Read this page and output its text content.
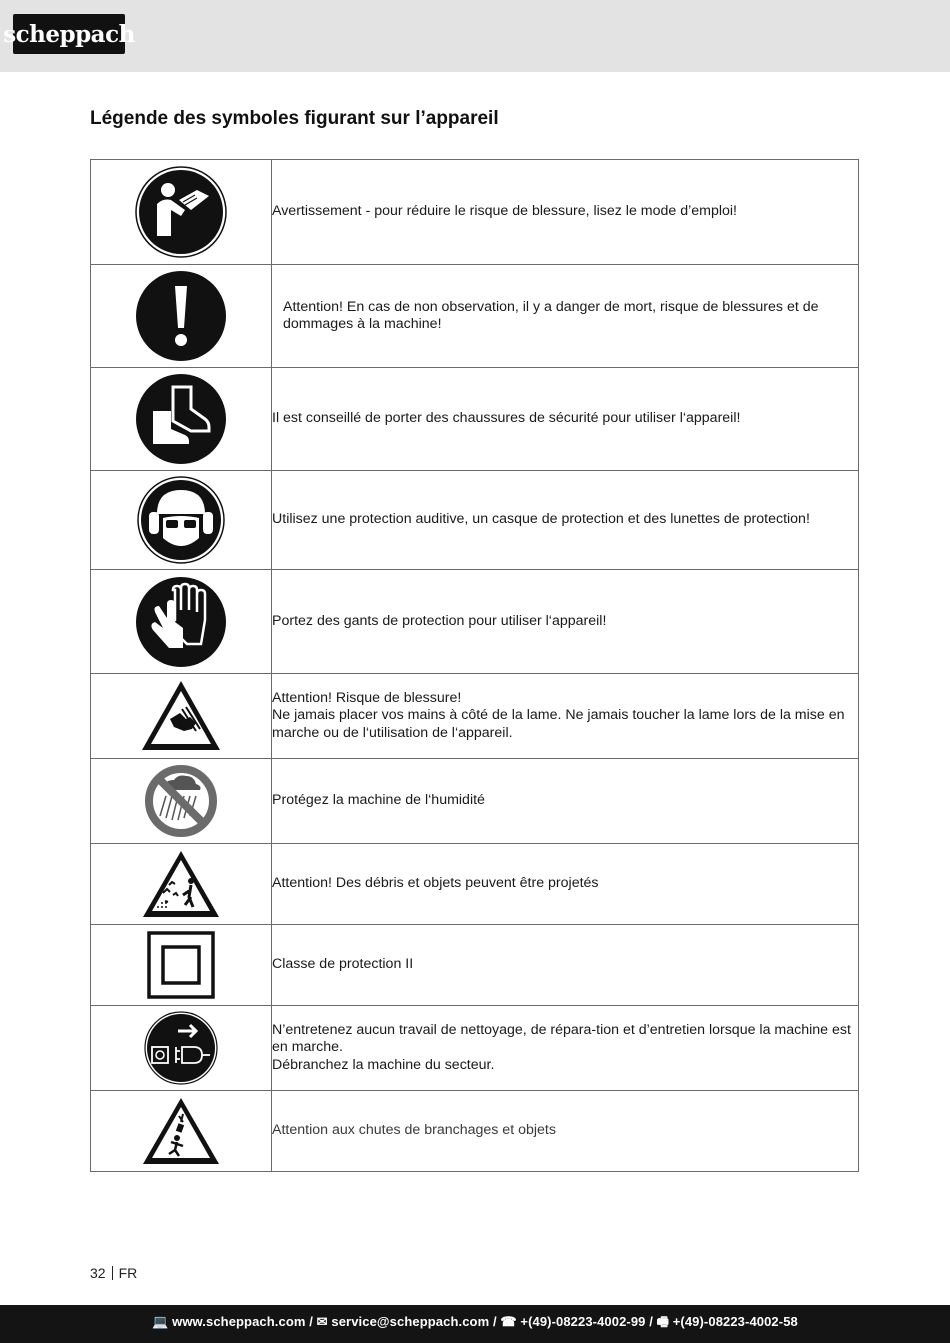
scheppach
Légende des symboles figurant sur l’appareil

Avertissement - pour réduire le risque de blessure, lisez le mode d’emploi!

Attention! En cas de non observation, il y a danger de mort, risque de blessures et de dommages à la machine!

Il est conseillé de porter des chaussures de sécurité pour utiliser l‘appareil!

Utilisez une protection auditive, un casque de protection et des lunettes de protection!

Portez des gants de protection pour utiliser l‘appareil!

Attention! Risque de blessure!
Ne jamais placer vos mains à côté de la lame. Ne jamais toucher la lame lors de la mise en marche ou de l‘utilisation de l‘appareil.

Protégez la machine de l‘humidité

Attention! Des débris et objets peuvent être projetés

Classe de protection II

N’entretenez aucun travail de nettoyage, de répara-tion et d’entretien lorsque la machine est en marche.
Débranchez la machine du secteur.

Attention aux chutes de branchages et objets
32 FR
💻 www.scheppach.com / ✉ service@scheppach.com / ☎ +(49)-08223-4002-99 / 🖷 +(49)-08223-4002-58
